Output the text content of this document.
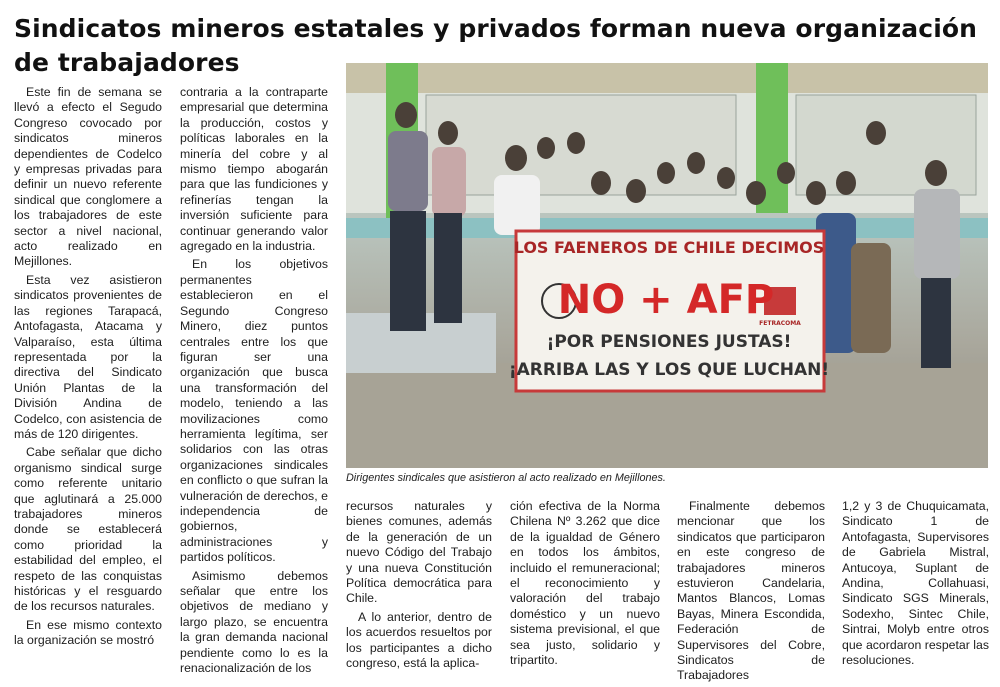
Sindicatos mineros estatales y privados forman nueva organización de trabajadores

Este fin de semana se llevó a efecto el Segudo Congreso covocado por sindicatos mineros dependientes de Codelco y empresas privadas para definir un nuevo referente sindical que conglomere a los trabajadores de este sector a nivel nacional, acto realizado en Mejillones.

Esta vez asistieron sindicatos provenientes de las regiones Tarapacá, Antofagasta, Atacama y Valparaíso, esta última representada por la directiva del Sindicato Unión Plantas de la División Andina de Codelco, con asistencia de más de 120 dirigentes.

Cabe señalar que dicho organismo sindical surge como referente unitario que aglutinará a 25.000 trabajadores mineros donde se establecerá como prioridad la estabilidad del empleo, el respeto de las conquistas históricas y el resguardo de los recursos naturales.

En ese mismo contexto la organización se mostró

contraria a la contraparte empresarial que determina la producción, costos y políticas laborales en la minería del cobre y al mismo tiempo abogarán para que las fundiciones y refinerías tengan la inversión suficiente para continuar generando valor agregado en la industria.

En los objetivos permanentes establecieron en el Segundo Congreso Minero, diez puntos centrales entre los que figuran ser una organización que busca una transformación del modelo, teniendo a las movilizaciones como herramienta legítima, ser solidarios con las otras organizaciones sindicales en conflicto o que sufran la vulneración de derechos, e independencia de gobiernos, administraciones y partidos políticos.

Asimismo debemos señalar que entre los objetivos de mediano y largo plazo, se encuentra la gran demanda nacional pendiente como lo es la renacionalización de los

LOS FAENEROS DE CHILE DECIMOS
NO + AFP
FETRACOMA
¡POR PENSIONES JUSTAS!
¡ARRIBA LAS Y LOS QUE LUCHAN!
Dirigentes sindicales que asistieron al acto realizado en Mejillones.

recursos naturales y bienes comunes, además de la generación de un nuevo Código del Trabajo y una nueva Constitución Política democrática para Chile.

A lo anterior, dentro de los acuerdos resueltos por los participantes a dicho congreso, está la aplica-

ción efectiva de la Norma Chilena Nº 3.262 que dice de la igualdad de Género en todos los ámbitos, incluido el remuneracional; el reconocimiento y valoración del trabajo doméstico y un nuevo sistema previsional, el que sea justo, solidario y tripartito.

Finalmente debemos mencionar que los sindicatos que participaron en este congreso de trabajadores mineros estuvieron Candelaria, Mantos Blancos, Lomas Bayas, Minera Escondida, Federación de Supervisores del Cobre, Sindicatos de Trabajadores

1,2 y 3 de Chuquicamata, Sindicato 1 de Antofagasta, Supervisores de Gabriela Mistral, Antucoya, Suplant de Andina, Collahuasi, Sindicato SGS Minerals, Sodexho, Sintec Chile, Sintrai, Molyb entre otros que acordaron respetar las resoluciones.
